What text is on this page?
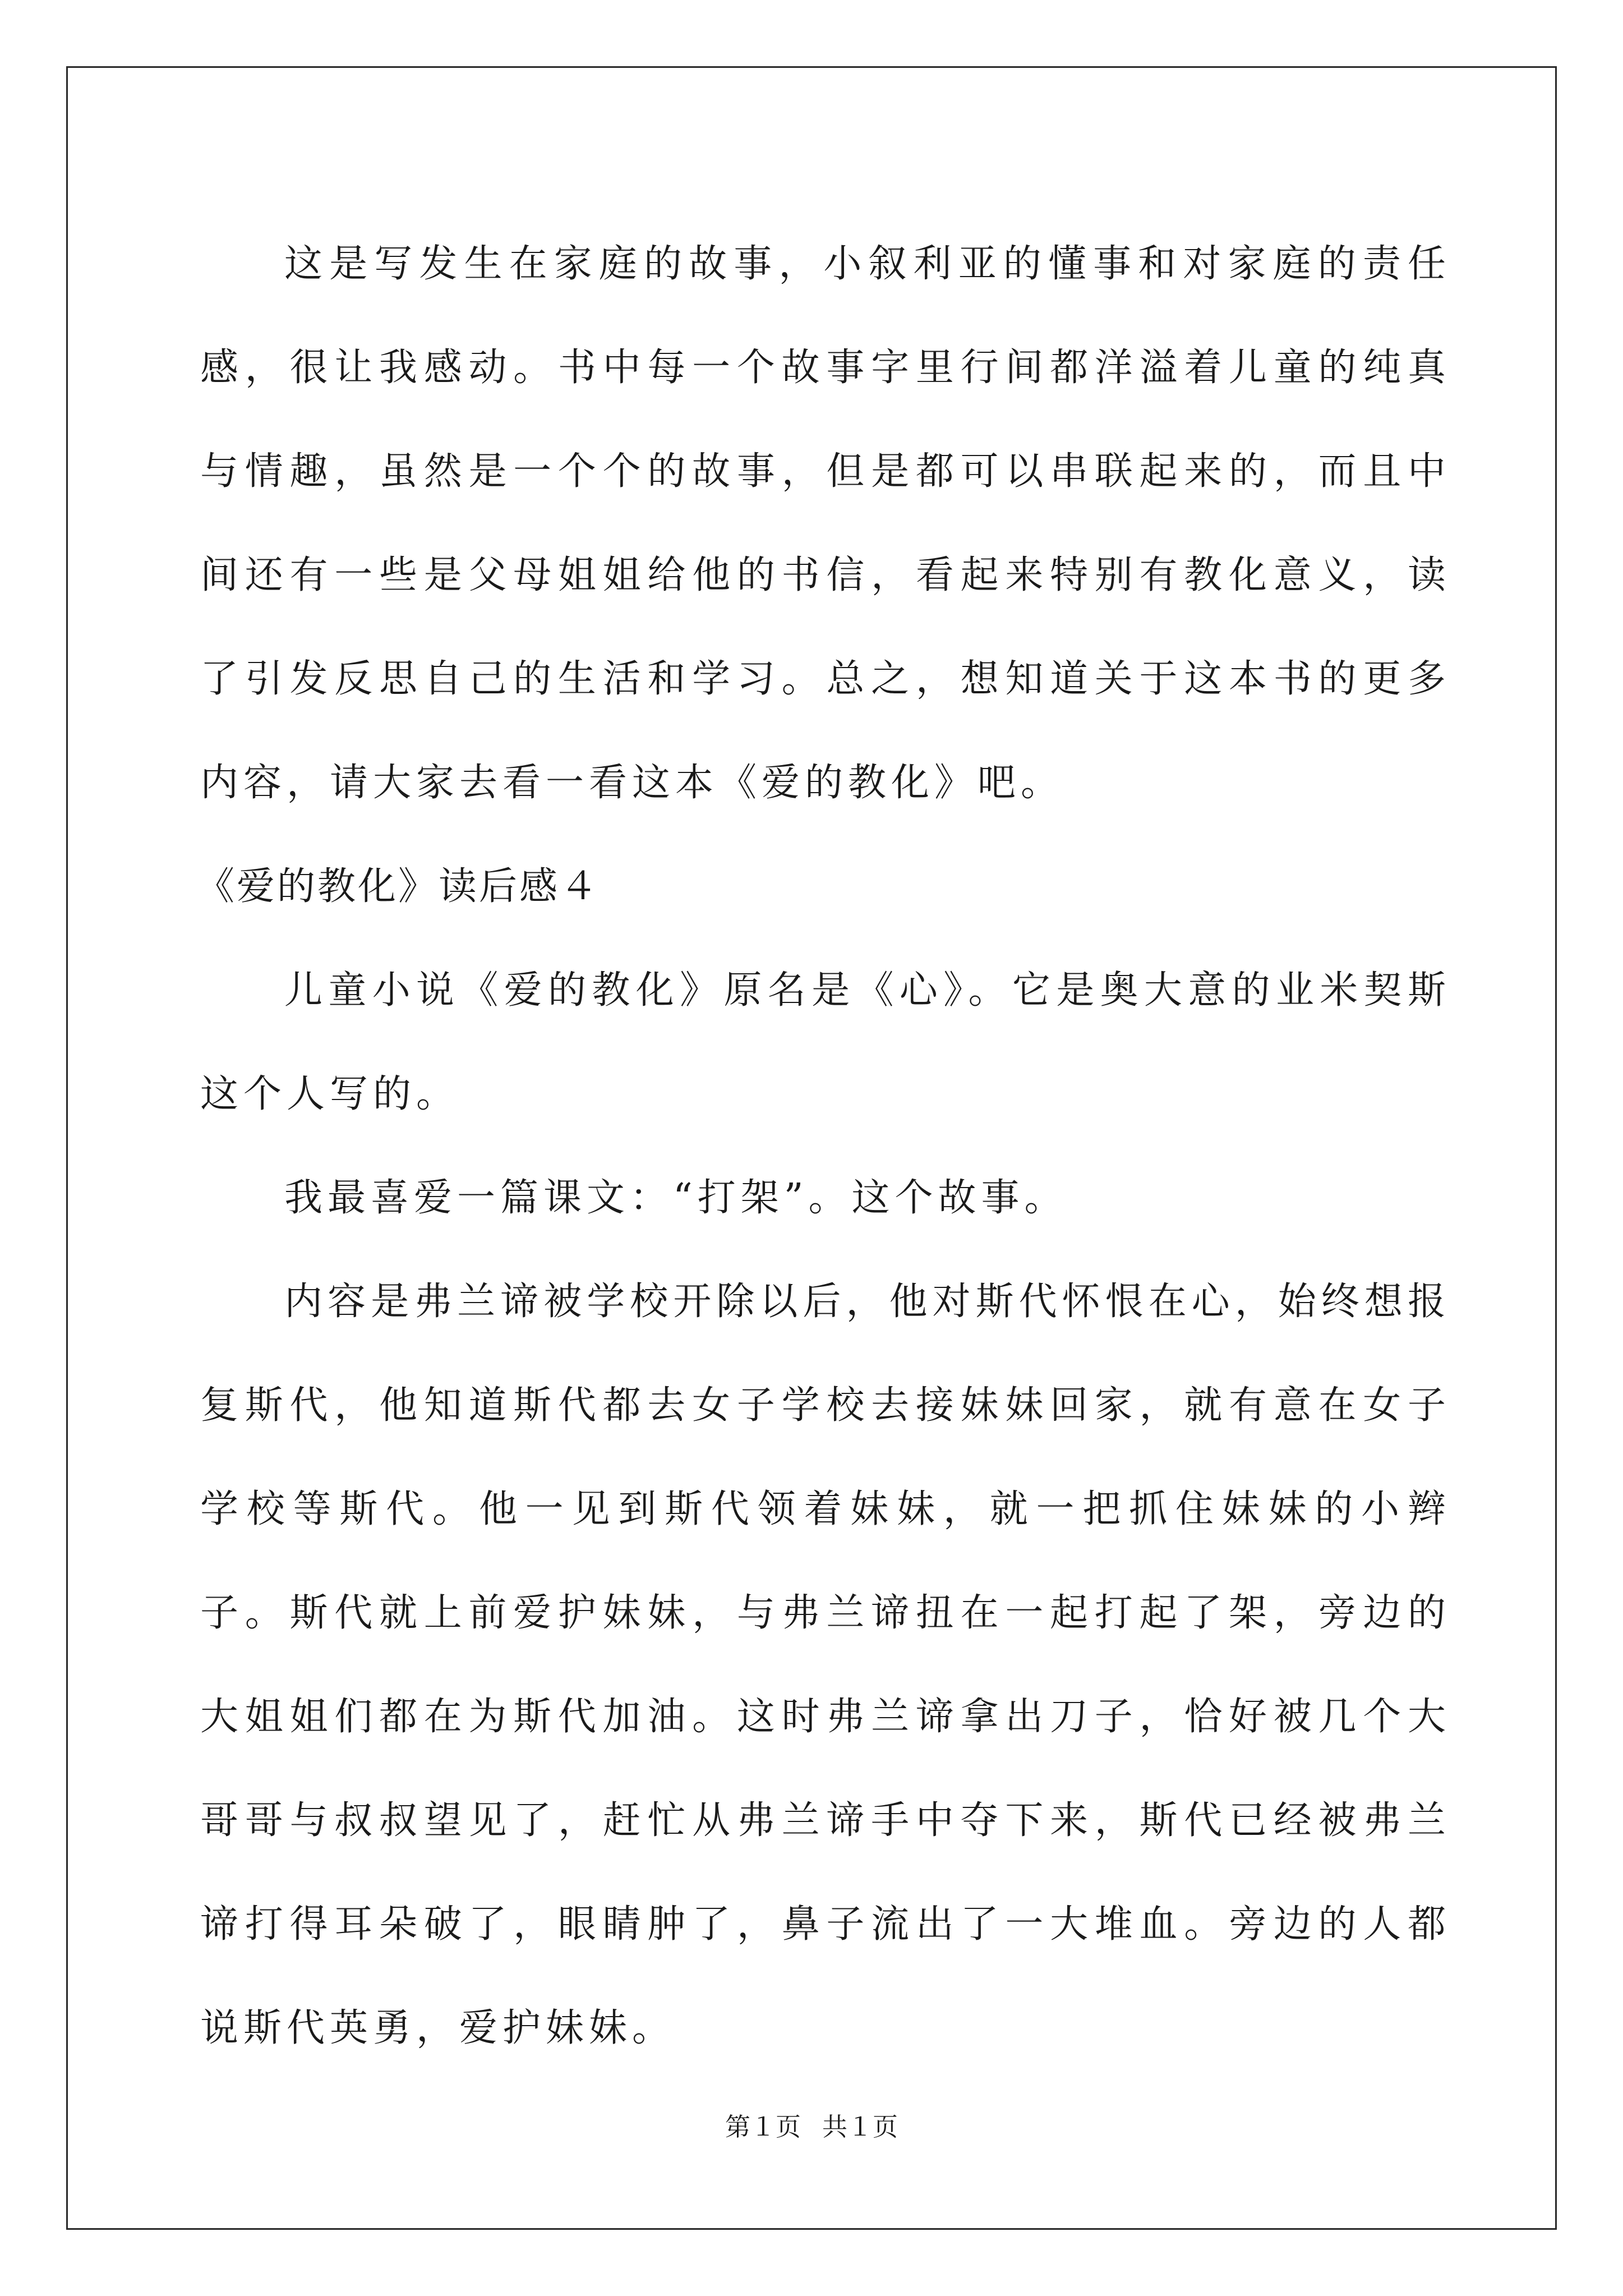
这是写发生在家庭的故事，小叙利亚的懂事和对家庭的责任感，很让我感动。书中每一个故事字里行间都洋溢着儿童的纯真与情趣，虽然是一个个的故事，但是都可以串联起来的，而且中间还有一些是父母姐姐给他的书信，看起来特别有教化意义，读了引发反思自己的生活和学习。总之，想知道关于这本书的更多内容，请大家去看一看这本《爱的教化》吧。

《爱的教化》读后感４

儿童小说《爱的教化》原名是《心》。它是奥大意的业米契斯这个人写的。

我最喜爱一篇课文：“打架”。这个故事。

内容是弗兰谛被学校开除以后，他对斯代怀恨在心，始终想报复斯代，他知道斯代都去女子学校去接妹妹回家，就有意在女子学校等斯代。他一见到斯代领着妹妹，就一把抓住妹妹的小辫子。斯代就上前爱护妹妹，与弗兰谛扭在一起打起了架，旁边的大姐姐们都在为斯代加油。这时弗兰谛拿出刀子，恰好被几个大哥哥与叔叔望见了，赶忙从弗兰谛手中夺下来，斯代已经被弗兰谛打得耳朵破了，眼睛肿了，鼻子流出了一大堆血。旁边的人都说斯代英勇，爱护妹妹。

第１页 共１页
